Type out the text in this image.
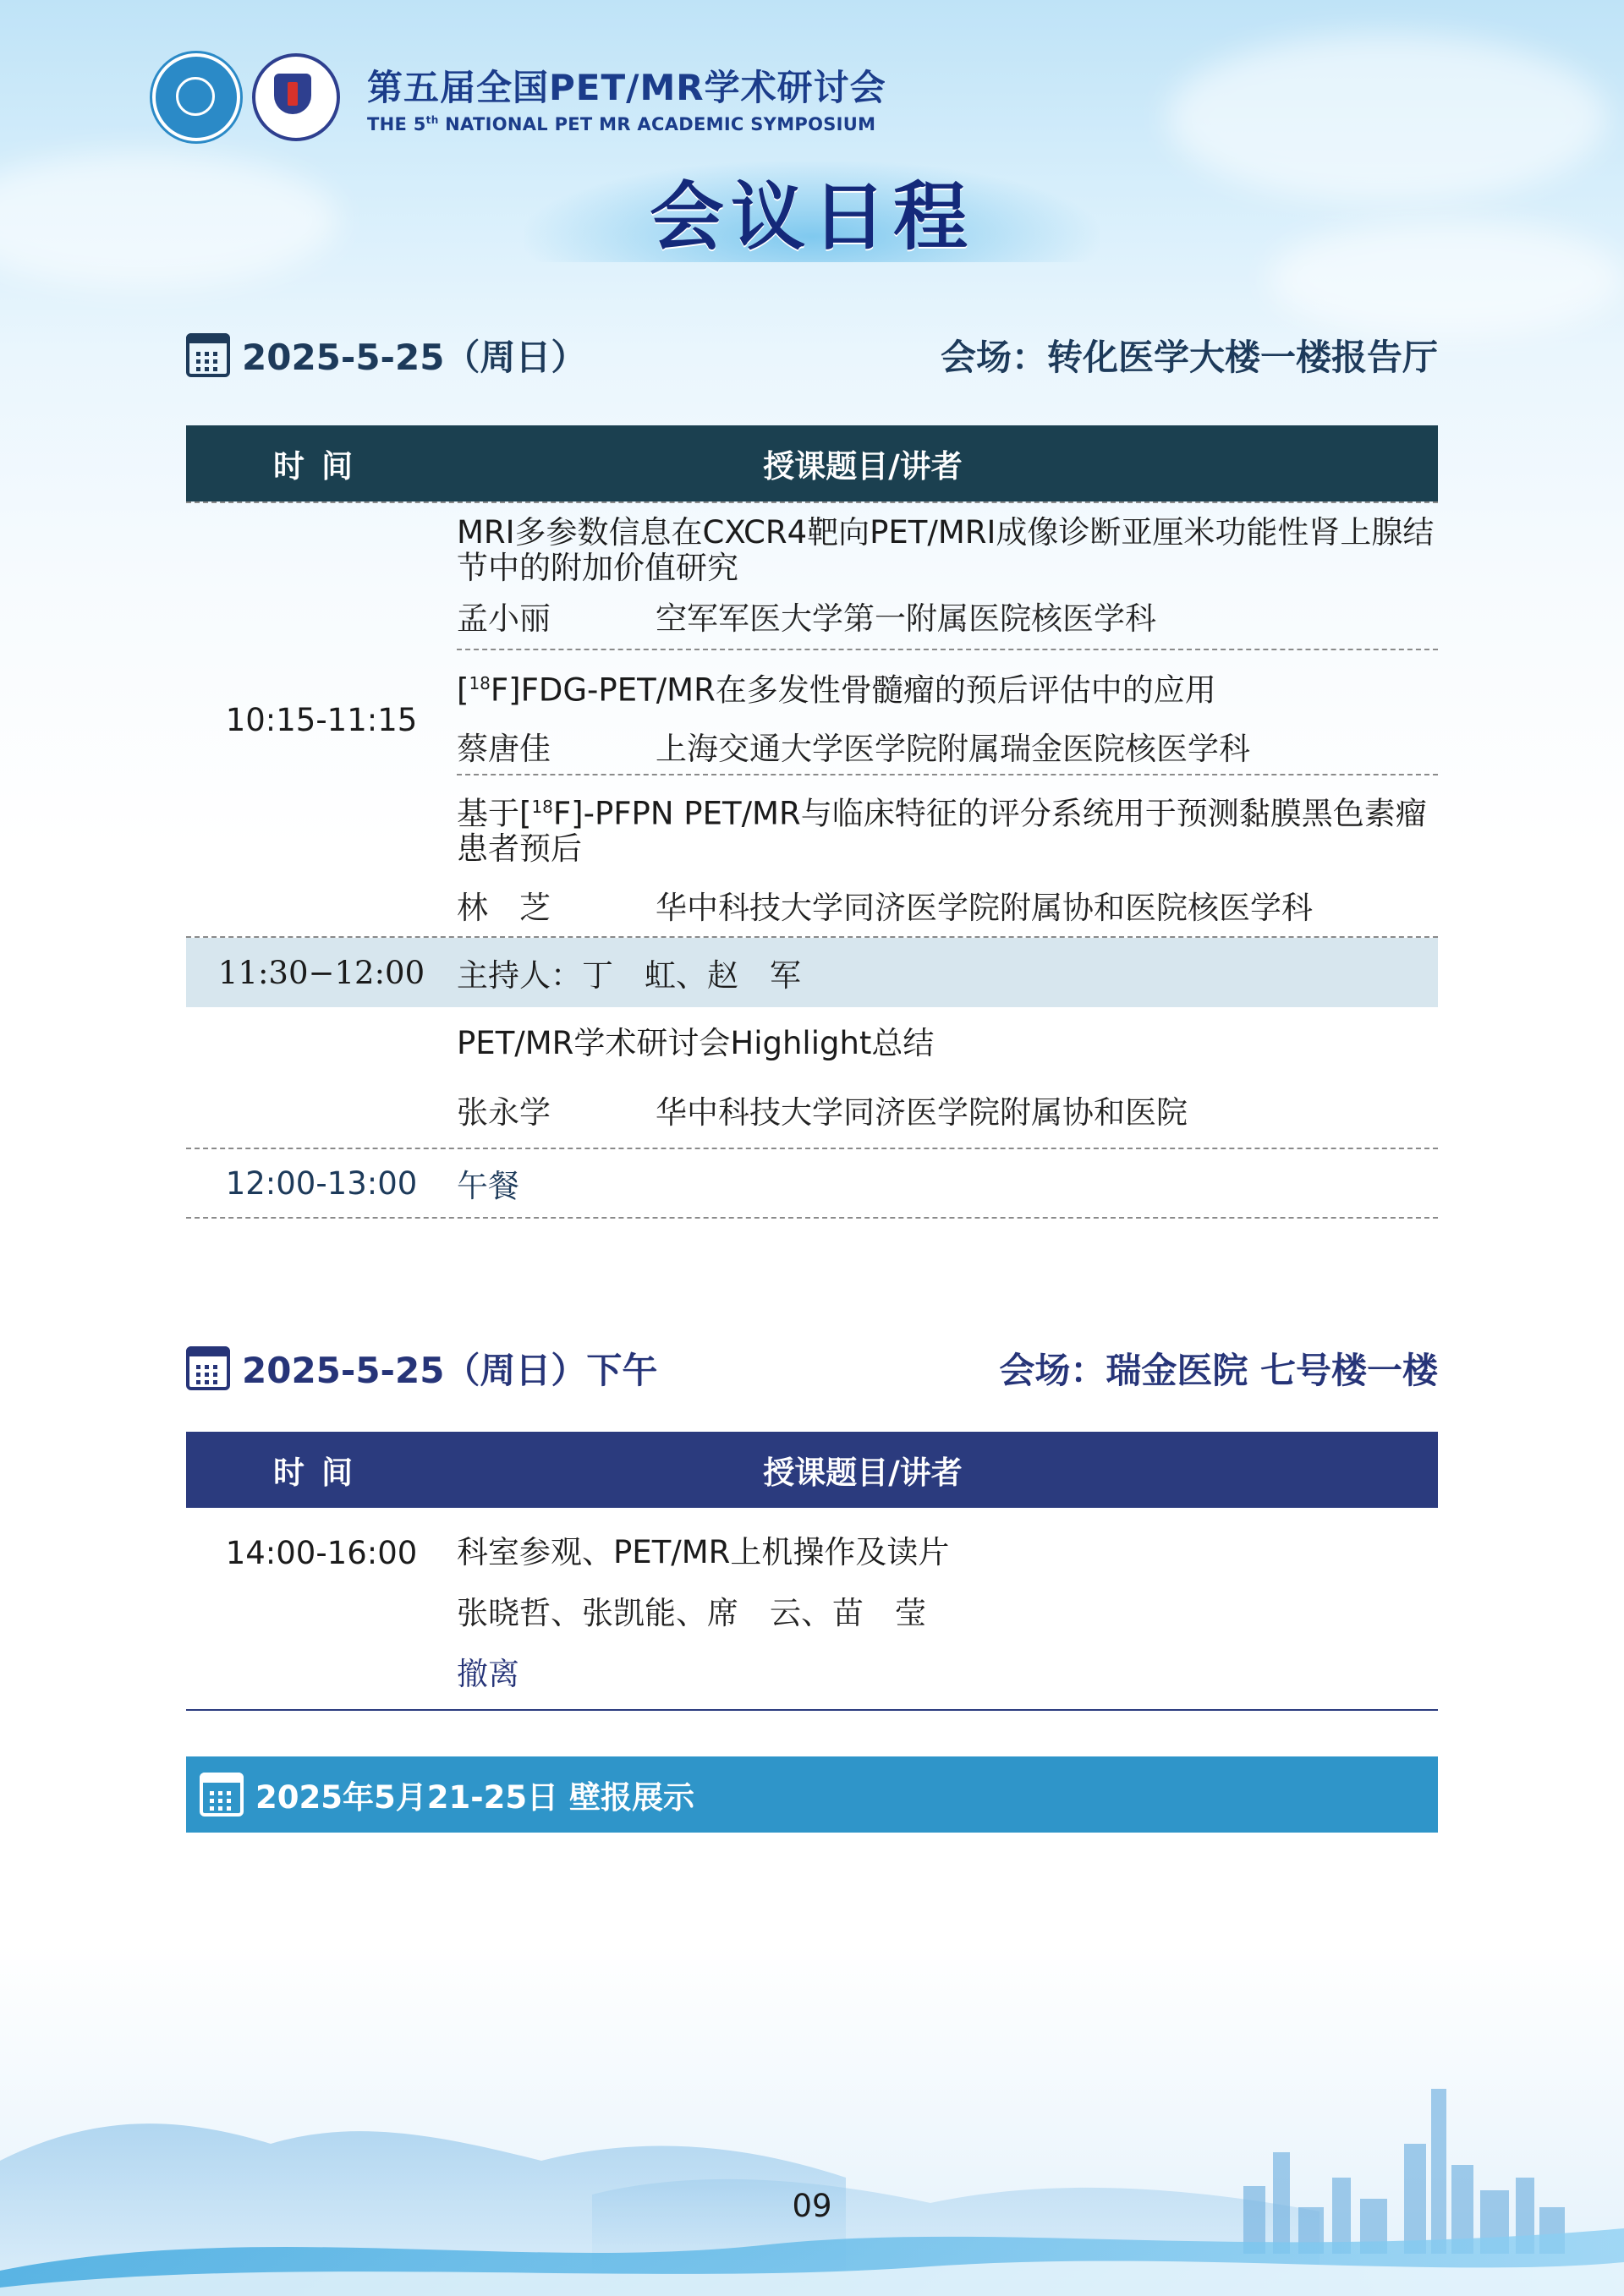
第五届全国PET/MR学术研讨会
THE 5th NATIONAL PET MR ACADEMIC SYMPOSIUM
会议日程
2025-5-25（周日）	会场：转化医学大楼一楼报告厅
时间	授课题目/讲者
10:15-11:15
MRI多参数信息在CXCR4靶向PET/MRI成像诊断亚厘米功能性肾上腺结节中的附加价值研究
孟小丽	空军军医大学第一附属医院核医学科
[$^{18}$F]FDG-PET/MR在多发性骨髓瘤的预后评估中的应用
蔡唐佳	上海交通大学医学院附属瑞金医院核医学科
基于[$^{18}$F]-PFPN PET/MR与临床特征的评分系统用于预测黏膜黑色素瘤患者预后
林　芝	华中科技大学同济医学院附属协和医院核医学科
11:30−12:00	主持人：丁　虹、赵　军
PET/MR学术研讨会Highlight总结
张永学	华中科技大学同济医学院附属协和医院
12:00-13:00	午餐
2025-5-25（周日）下午	会场：瑞金医院 七号楼一楼
时间	授课题目/讲者
14:00-16:00	科室参观、PET/MR上机操作及读片
张晓哲、张凯能、席　云、苗　莹
撤离
2025年5月21-25日 壁报展示
09
